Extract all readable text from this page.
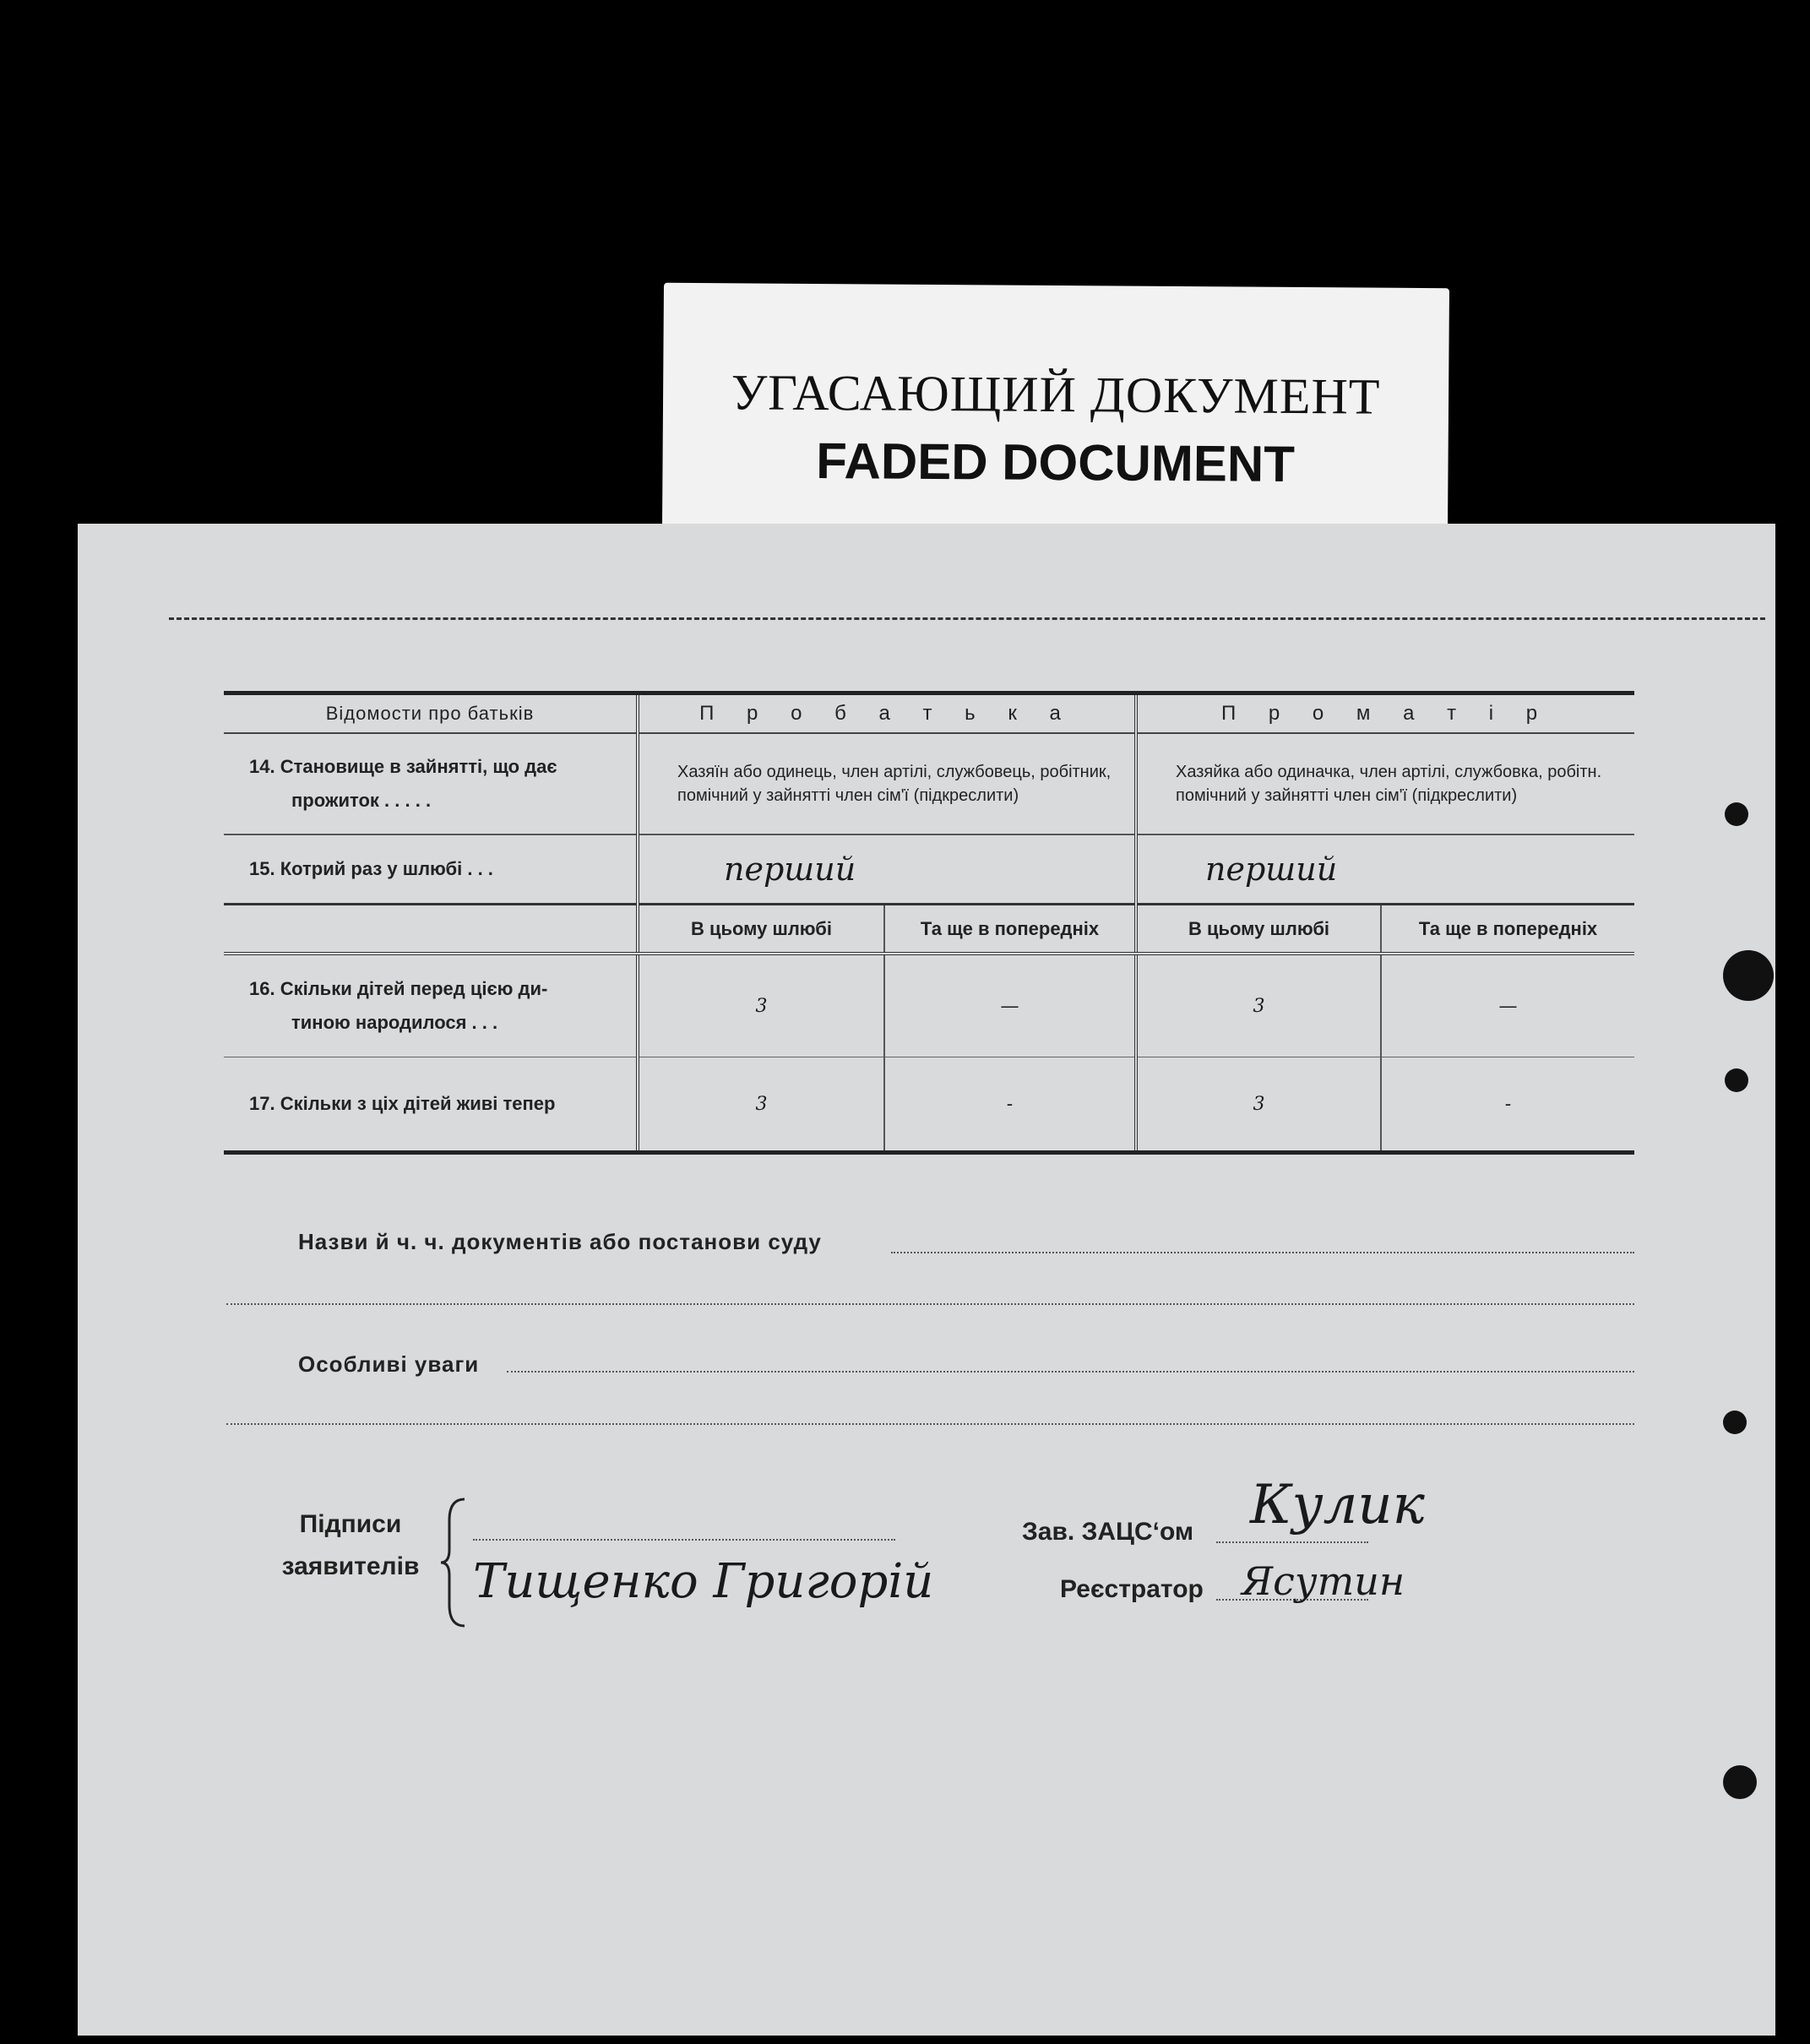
УГАСАЮЩИЙ ДОКУМЕНТ
FADED DOCUMENT
Відомости про батьків	П р о б а т ь к а		П р о м а т і р	

14. Становище в зайнятті, що дає
прожиток . . . . .	Хазяїн або одинець, член артілі, службовець, робітник, помічний у зайнятті член сім'ї (підкреслити)		Хазяйка або одиначка, член артілі, службовка, робітн. помічний у зайнятті член сім'ї (підкреслити)	
15. Котрий раз у шлюбі . . .	перший		перший	
	В цьому шлюбі	Та ще в попередніх	В цьому шлюбі	Та ще в попередніх

16. Скільки дітей перед цією ди-
тиною народилося . . .	3	—	3	—
17. Скільки з ціх дітей живі тепер	3	-	3	-
Назви й ч. ч. документів або постанови суду
Особливі уваги
Підписи
заявителів Тищенко Григорій
Зав. ЗАЦС‘ом Кулик
Реєстратор Ясутин
